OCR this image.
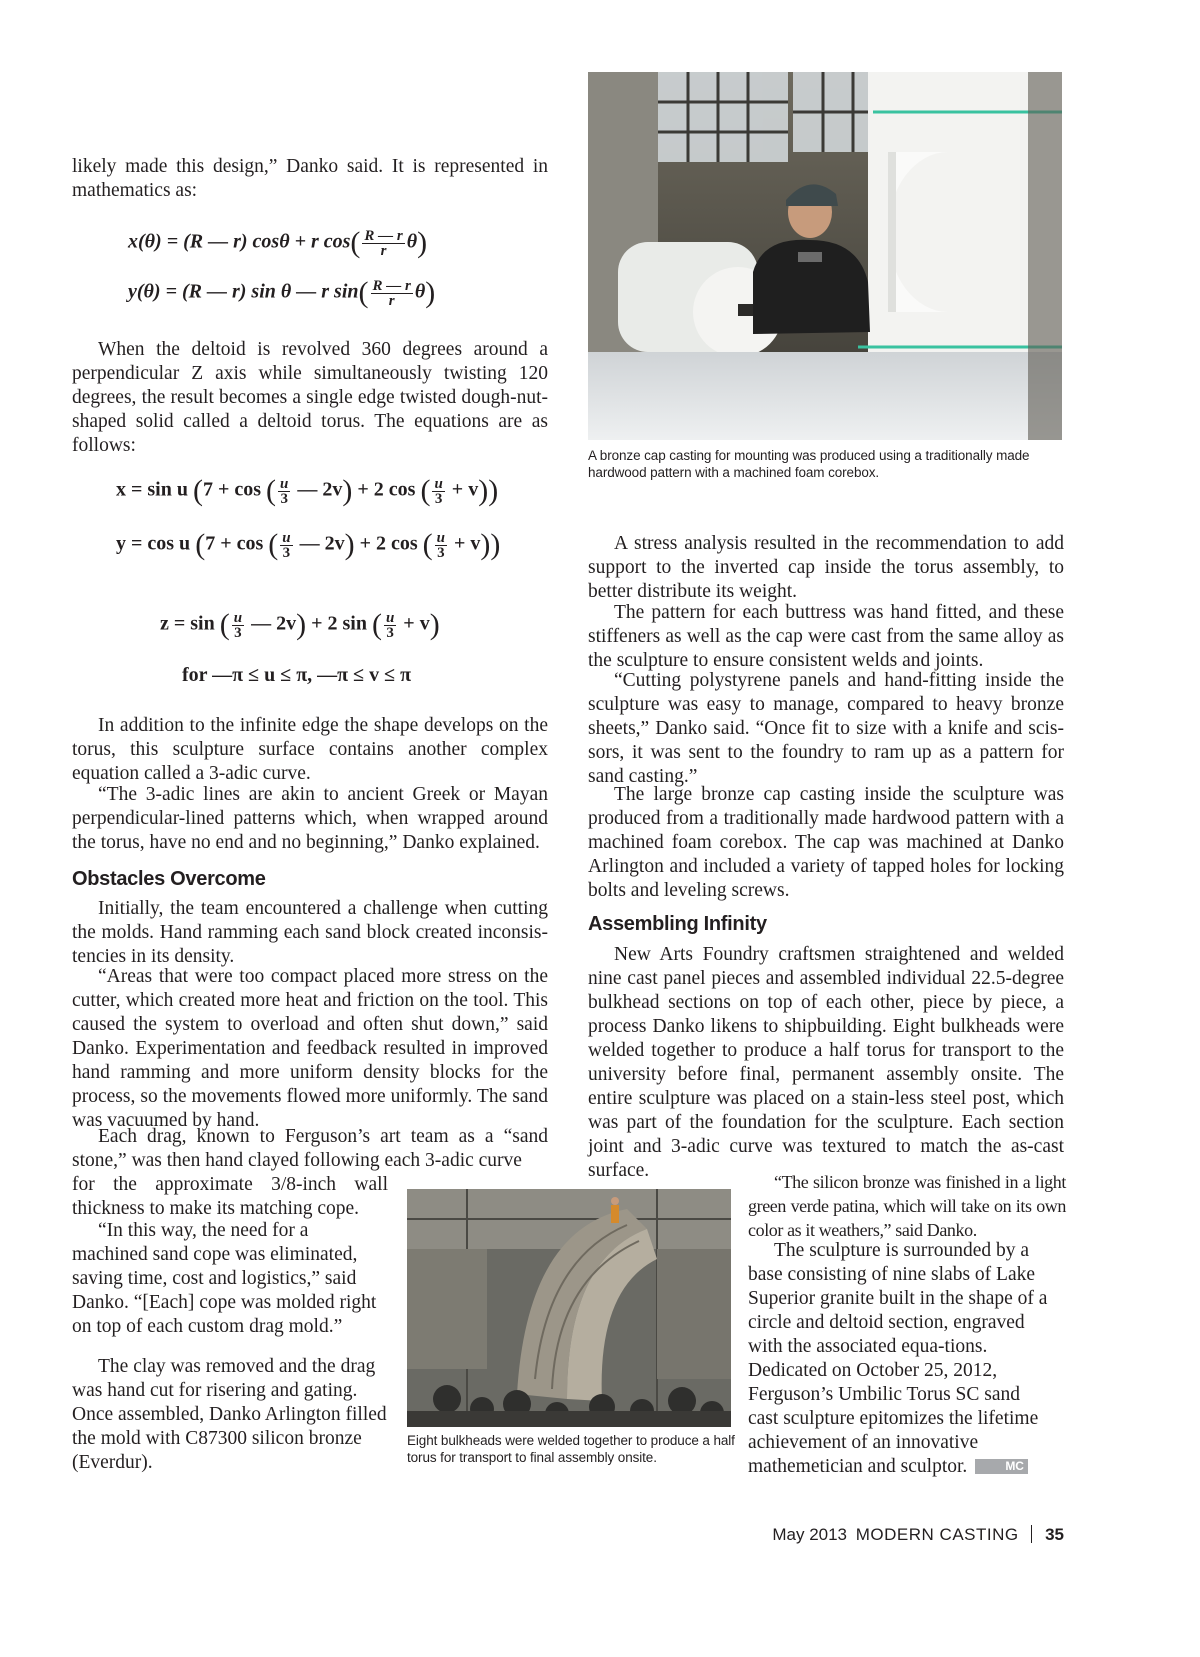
likely made this design,” Danko said. It is represented in mathematics as:

x(θ) = (R — r) cosθ + r $\cos( \frac{R — r}{r} \theta)$
y(θ) = (R — r) sin θ — r $\sin( \frac{R — r}{r} \theta)$

When the deltoid is revolved 360 degrees around a perpendicular Z axis while simultaneously twisting 120 degrees, the result becomes a single edge twisted dough-nut-shaped solid called a deltoid torus. The equations are as follows:

x = sin u (7 + cos ( $\frac{u}{3}$ — 2v) + 2 cos ( $\frac{u}{3} + v$))
y = cos u (7 + cos ( $\frac{u}{3}$ — 2v) + 2 cos ( $\frac{u}{3} + v$))
z = sin ( $\frac{u}{3}$ — 2v) + 2 sin ( $\frac{u}{3} + v$)
for —π ≤ u ≤ π, —π ≤ v ≤ π

In addition to the infinite edge the shape develops on the torus, this sculpture surface contains another complex equation called a 3-adic curve.

“The 3-adic lines are akin to ancient Greek or Mayan perpendicular-lined patterns which, when wrapped around the torus, have no end and no beginning,” Danko explained.

Obstacles Overcome

Initially, the team encountered a challenge when cutting the molds. Hand ramming each sand block created inconsis-tencies in its density.

“Areas that were too compact placed more stress on the cutter, which created more heat and friction on the tool. This caused the system to overload and often shut down,” said Danko. Experimentation and feedback resulted in improved hand ramming and more uniform density blocks for the process, so the movements flowed more uniformly. The sand was vacuumed by hand.

Each drag, known to Ferguson’s art team as a “sand stone,” was then hand clayed following each 3-adic curve

for the approximate 3/8-inch wall thickness to make its matching cope.

“In this way, the need for a machined sand cope was eliminated, saving time, cost and logistics,” said Danko. “[Each] cope was molded right on top of each custom drag mold.”

The clay was removed and the drag was hand cut for risering and gating. Once assembled, Danko Arlington filled the mold with C87300 silicon bronze (Everdur).

A bronze cap casting for mounting was produced using a traditionally made hardwood pattern with a machined foam corebox.

A stress analysis resulted in the recommendation to add support to the inverted cap inside the torus assembly, to better distribute its weight.

The pattern for each buttress was hand fitted, and these stiffeners as well as the cap were cast from the same alloy as the sculpture to ensure consistent welds and joints.

“Cutting polystyrene panels and hand-fitting inside the sculpture was easy to manage, compared to heavy bronze sheets,” Danko said. “Once fit to size with a knife and scis-sors, it was sent to the foundry to ram up as a pattern for sand casting.”

The large bronze cap casting inside the sculpture was produced from a traditionally made hardwood pattern with a machined foam corebox. The cap was machined at Danko Arlington and included a variety of tapped holes for locking bolts and leveling screws.

Assembling Infinity

New Arts Foundry craftsmen straightened and welded nine cast panel pieces and assembled individual 22.5-degree bulkhead sections on top of each other, piece by piece, a process Danko likens to shipbuilding. Eight bulkheads were welded together to produce a half torus for transport to the university before final, permanent assembly onsite. The entire sculpture was placed on a stain-less steel post, which was part of the foundation for the sculpture. Each section joint and 3-adic curve was textured to match the as-cast surface.

“The silicon bronze was finished in a light green verde patina, which will take on its own color as it weathers,” said Danko.

The sculpture is surrounded by a base consisting of nine slabs of Lake Superior granite built in the shape of a circle and deltoid section, engraved with the associated equa-tions. Dedicated on October 25, 2012, Ferguson’s Umbilic Torus SC sand cast sculpture epitomizes the lifetime achievement of an innovative mathemetician and sculptor.	MC

Eight bulkheads were welded together to produce a half torus for transport to final assembly onsite.
May 2013 MODERN CASTING 35
